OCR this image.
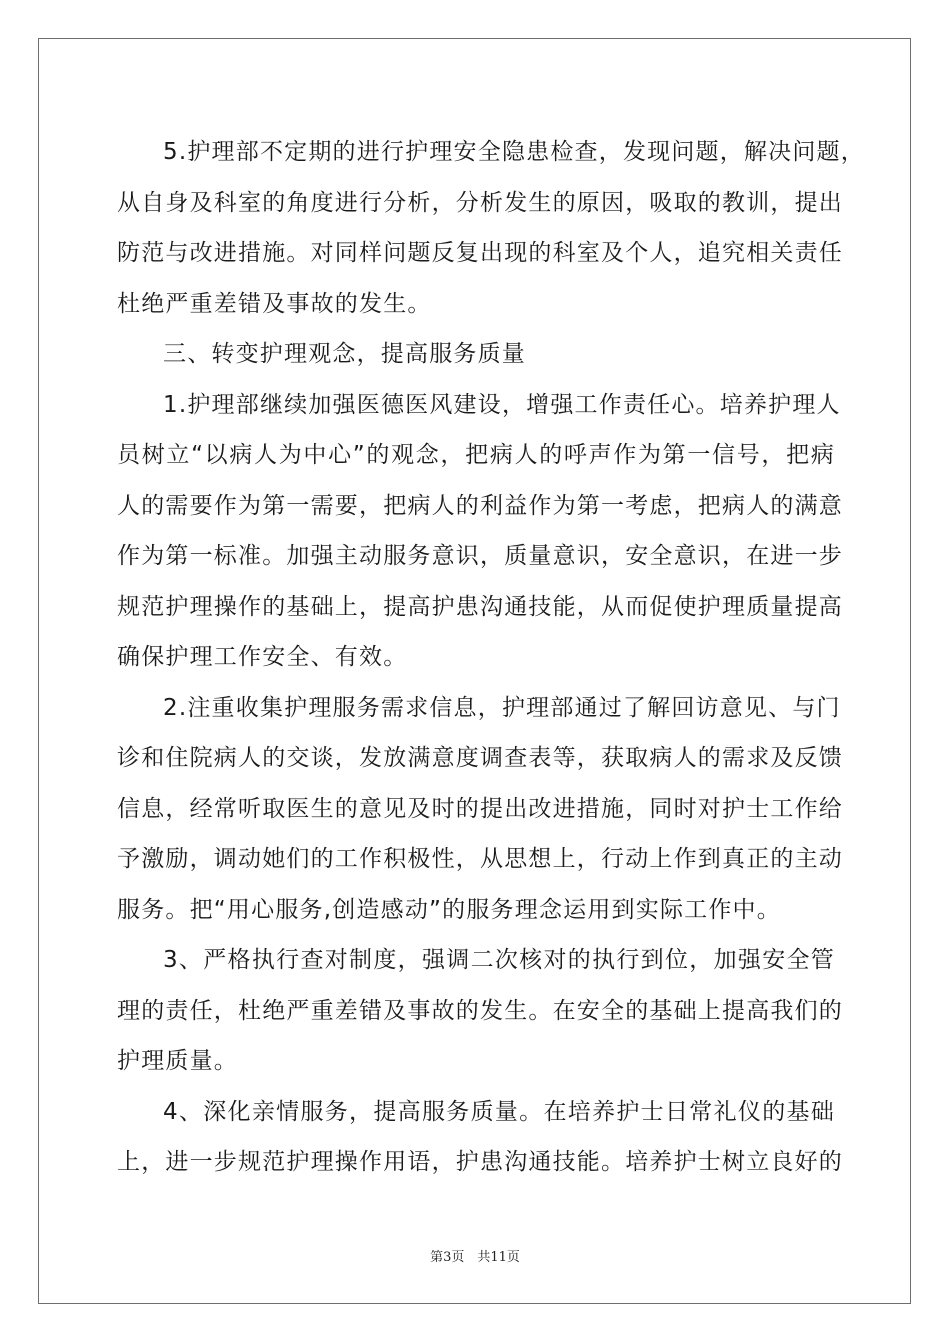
5.护理部不定期的进行护理安全隐患检查，发现问题，解决问题，
从自身及科室的角度进行分析，分析发生的原因，吸取的教训，提出
防范与改进措施。对同样问题反复出现的科室及个人，追究相关责任
杜绝严重差错及事故的发生。
三、转变护理观念，提高服务质量
1.护理部继续加强医德医风建设，增强工作责任心。培养护理人
员树立“以病人为中心”的观念，把病人的呼声作为第一信号，把病
人的需要作为第一需要，把病人的利益作为第一考虑，把病人的满意
作为第一标准。加强主动服务意识，质量意识，安全意识，在进一步
规范护理操作的基础上，提高护患沟通技能，从而促使护理质量提高
确保护理工作安全、有效。
2.注重收集护理服务需求信息，护理部通过了解回访意见、与门
诊和住院病人的交谈，发放满意度调查表等，获取病人的需求及反馈
信息，经常听取医生的意见及时的提出改进措施，同时对护士工作给
予激励，调动她们的工作积极性，从思想上，行动上作到真正的主动
服务。把“用心服务,创造感动”的服务理念运用到实际工作中。
3、严格执行查对制度，强调二次核对的执行到位，加强安全管
理的责任，杜绝严重差错及事故的发生。在安全的基础上提高我们的
护理质量。
4、深化亲情服务，提高服务质量。在培养护士日常礼仪的基础
上，进一步规范护理操作用语，护患沟通技能。培养护士树立良好的
第3页　共11页
